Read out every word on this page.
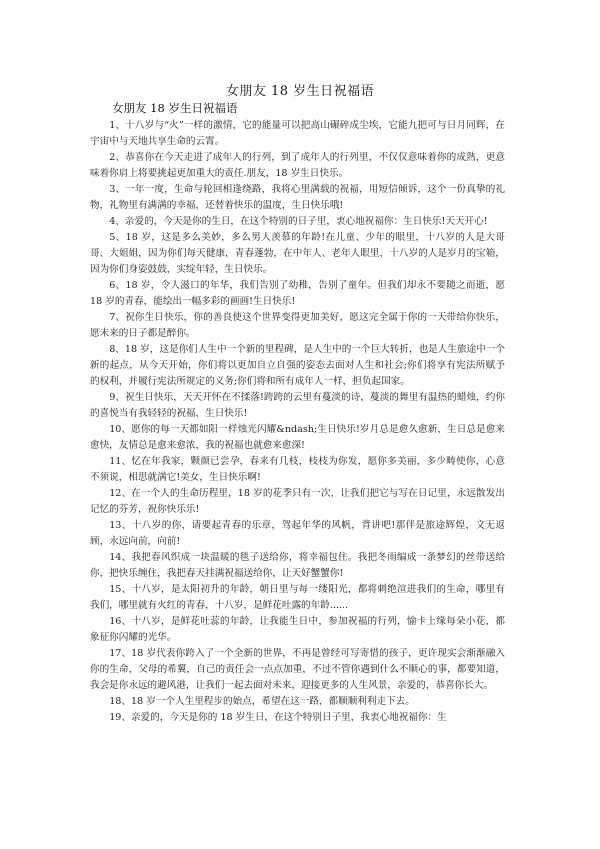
女朋友 18 岁生日祝福语
女朋友 18 岁生日祝福语

1、十八岁与“火”一样的激情，它的能量可以把高山碾碎成尘埃，它能九把可与日月同辉，在宇宙中与天地共享生命的云霄。

2、恭喜你在今天走进了成年人的行列，到了成年人的行列里，不仅仅意味着你的成熟，更意味着你肩上将要挑起更加重大的责任.朋友，18 岁生日快乐。

3、一年一度，生命与轮回相逢绕路，我将心里满载的祝福，用短信倾诉，这个一份真挚的礼物，礼物里有满满的幸福，还替着快乐的温度，生日快乐哦!

4、亲爱的，今天是你的生日，在这个特别的日子里，衷心地祝福你：生日快乐!天天开心!

5、18 岁，这是多么美妙，多么男人羡慕的年龄!在儿童、少年的眼里，十八岁的人是大哥哥、大姐姐，因为你们每天健康，青春蓬勃，在中年人、老年人眼里，十八岁的人是岁月的宝箱，因为你们身姿鼓鼓，实绽年轻，生日快乐。

6、18 岁，令人滋口的年华，我们告别了幼稚，告别了童年。但我们却永不要随之而逝，愿 18 岁的青春，能绘出一幅多彩的画画!生日快乐!

7、祝你生日快乐，你的善良使这个世界变得更加美好，愿这完全属于你的一天带给你快乐，愿未来的日子都是醉你。

8、18 岁，这是你们人生中一个新的里程碑，是人生中的一个巨大转折，也是人生旅途中一个新的起点，从今天开始，你们将以更加自立自强的姿态去面对人生和社会;你们将享有宪法所赋予的权利，并履行宪法所规定的义务;你们将和所有成年人一样，担负起国家。

9、祝生日快乐，天天开怀在不揉落!跨跨的云里有蔓淡的诗，蔓淡的舞里有温热的蜡烛，约你的喜悦当有我轻轻的祝福，生日快乐!

10、愿你的每一天都如阳一样烛光闪耀&ndash;生日快乐!岁月总是愈久愈新，生日总是愈来愈快，友情总是愈来愈浓，我的祝福也就愈来愈深!

11、忆在年我家，颗颜已尝孕，春来有几枝，枝枝为你发，愿你多美丽，多少畴使你，心意不须说，相思就满它!美女，生日快乐啊!

12、在一个人的生命历程里，18 岁的花季只有一次，让我们把它与写在日记里，永远散发出记忆的芬芳，祝你快乐乐!

13、十八岁的你，请要起青春的乐章，驾起年华的风帆，背讲吧!那伴是旅途辉煌，文无返顾，永远向前，向前!

14、我把春风织成一块温暖的毯子送给你，将幸福包住。我把冬雨编成一条梦幻的丝带送给你，把快乐缠住，我把春天挂满祝福送给你，让天好蟹蟹你!

15、十八岁，是太阳初升的年龄，朝日里与每一缕阳光，都将刺绝渲进我们的生命，哪里有我们，哪里就有火红的青春，十八岁，是鲜花吐露的年龄......

16、十八岁，是鲜花吐蕊的年龄，让我能生日中，参加祝福的行列，愉卡上缘每朵小花，都象征你闪耀的光华。

17、18 岁代表你跨入了一个全新的世界，不再是曾经可写寄惜的孩子，更许现实会渐渐融入你的生命，父母的希翼，自己的责任会一点点加重，不过不管你遇到什么不顺心的事，都要知道，我会是你永远的避风港，让我们一起去面对未来，迎接更多的人生风景，亲爱的，恭喜你长大。

18、18 岁一个人生里程步的始点，希望在这一路，都顺顺利利走下去。

19、亲爱的，今天是你的 18 岁生日，在这个特别日子里，我衷心地祝福你：生
